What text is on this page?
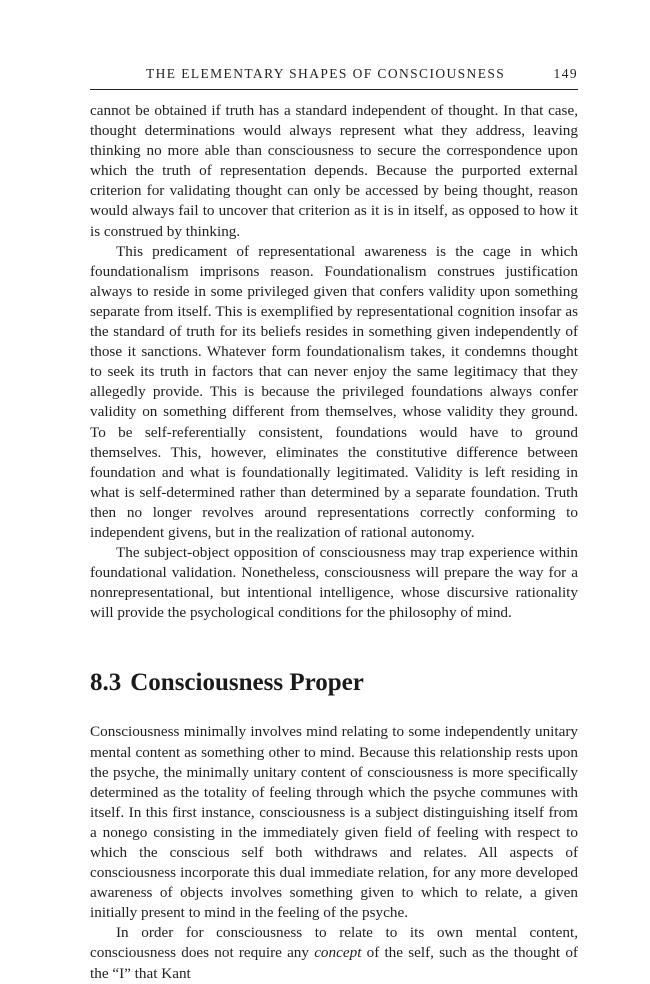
THE ELEMENTARY SHAPES OF CONSCIOUSNESS	149

cannot be obtained if truth has a standard independent of thought. In that case, thought determinations would always represent what they address, leaving thinking no more able than consciousness to secure the correspondence upon which the truth of representation depends. Because the purported external criterion for validating thought can only be accessed by being thought, reason would always fail to uncover that criterion as it is in itself, as opposed to how it is construed by thinking.

This predicament of representational awareness is the cage in which foundationalism imprisons reason. Foundationalism construes justification always to reside in some privileged given that confers validity upon something separate from itself. This is exemplified by representational cognition insofar as the standard of truth for its beliefs resides in something given independently of those it sanctions. Whatever form foundationalism takes, it condemns thought to seek its truth in factors that can never enjoy the same legitimacy that they allegedly provide. This is because the privileged foundations always confer validity on something different from themselves, whose validity they ground. To be self-referentially consistent, foundations would have to ground themselves. This, however, eliminates the constitutive difference between foundation and what is foundationally legitimated. Validity is left residing in what is self-determined rather than determined by a separate foundation. Truth then no longer revolves around representations correctly conforming to independent givens, but in the realization of rational autonomy.

The subject-object opposition of consciousness may trap experience within foundational validation. Nonetheless, consciousness will prepare the way for a nonrepresentational, but intentional intelligence, whose discursive rationality will provide the psychological conditions for the philosophy of mind.

8.3 Consciousness Proper

Consciousness minimally involves mind relating to some independently unitary mental content as something other to mind. Because this relationship rests upon the psyche, the minimally unitary content of consciousness is more specifically determined as the totality of feeling through which the psyche communes with itself. In this first instance, consciousness is a subject distinguishing itself from a nonego consisting in the immediately given field of feeling with respect to which the conscious self both withdraws and relates. All aspects of consciousness incorporate this dual immediate relation, for any more developed awareness of objects involves something given to which to relate, a given initially present to mind in the feeling of the psyche.

In order for consciousness to relate to its own mental content, consciousness does not require any concept of the self, such as the thought of the “I” that Kant
